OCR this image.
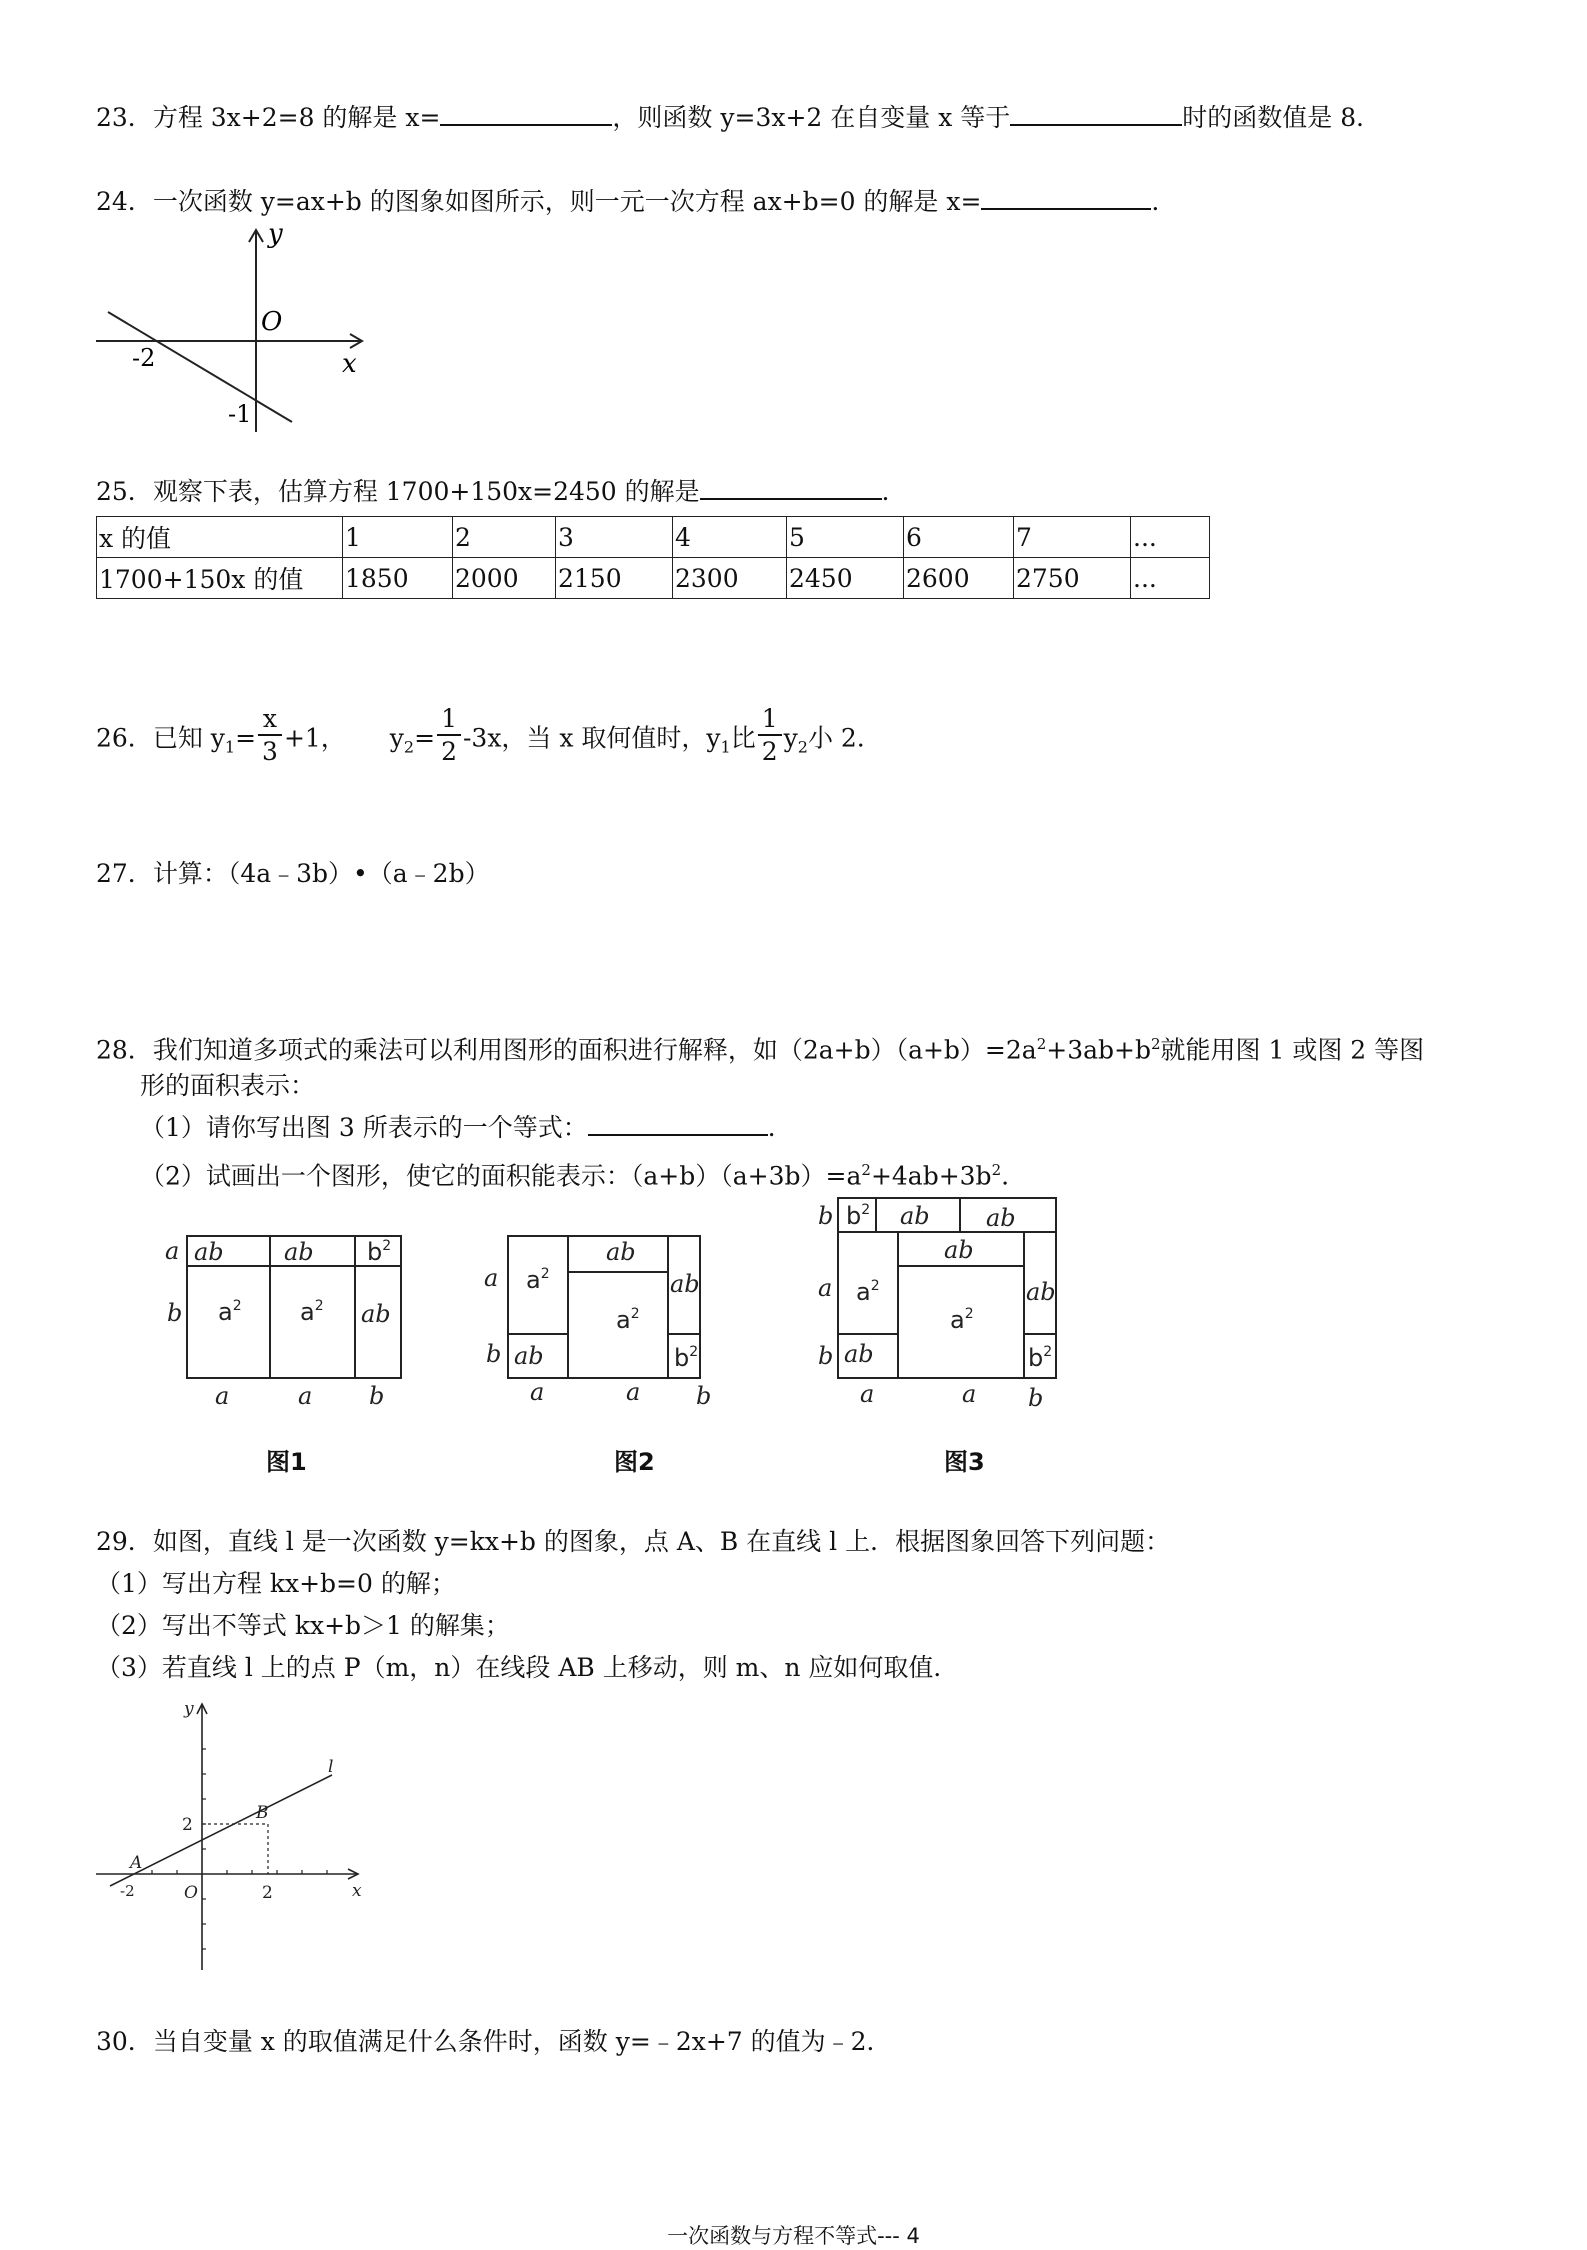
23．方程 3x+2=8 的解是 x=	，则函数 y=3x+2 在自变量 x 等于	时的函数值是 8．
24．一次函数 y=ax+b 的图象如图所示，则一元一次方程 ax+b=0 的解是 x=	．
y
x
O
-2
-1
25．观察下表，估算方程 1700+150x=2450 的解是	．
x 的值	1	2	3	4	5	6	7	...
1700+150x 的值	1850	2000	2150	2300	2450	2600	2750	...
26．已知 $y_1= \frac{x}{3} +1$， $y_2= \frac{1}{2} -3x$，当 x 取何值时，$y_1$比 $\frac{1}{2} y_2$小 2．
27．计算：（4a﹣3b）•（a﹣2b）
28．我们知道多项式的乘法可以利用图形的面积进行解释，如$(2a+b)(a+b)=2a^2+3ab+b^2$就能用图 1 或图 2 等图
形的面积表示：
（1）请你写出图 3 所表示的一个等式：	．
（2）试画出一个图形，使它的面积能表示：$(a+b)(a+3b)=a^2+4ab+3b^2$.
a
b
a	a b
ab	ab $b^2$
$a^2$ $a^2$ ab
图1
a
b
a	a b
$a^2$
ab
ab
$a^2$
ab
$b^2$
图2
b
a
b
a	a b
$b^2$ ab ab
$a^2$
ab
ab
$a^2$
ab
$b^2$
图3
29．如图，直线 l 是一次函数 y=kx+b 的图象，点 A、B 在直线 l 上．根据图象回答下列问题：
（1）写出方程 kx+b=0 的解；
（2）写出不等式 kx+b＞1 的解集；
（3）若直线 l 上的点 P（m，n）在线段 AB 上移动，则 m、n 应如何取值．
y
x
l
O
A
B
2
2
-2
30．当自变量 x 的取值满足什么条件时，函数 y=﹣2x+7 的值为﹣2．
一次函数与方程不等式--- 4
